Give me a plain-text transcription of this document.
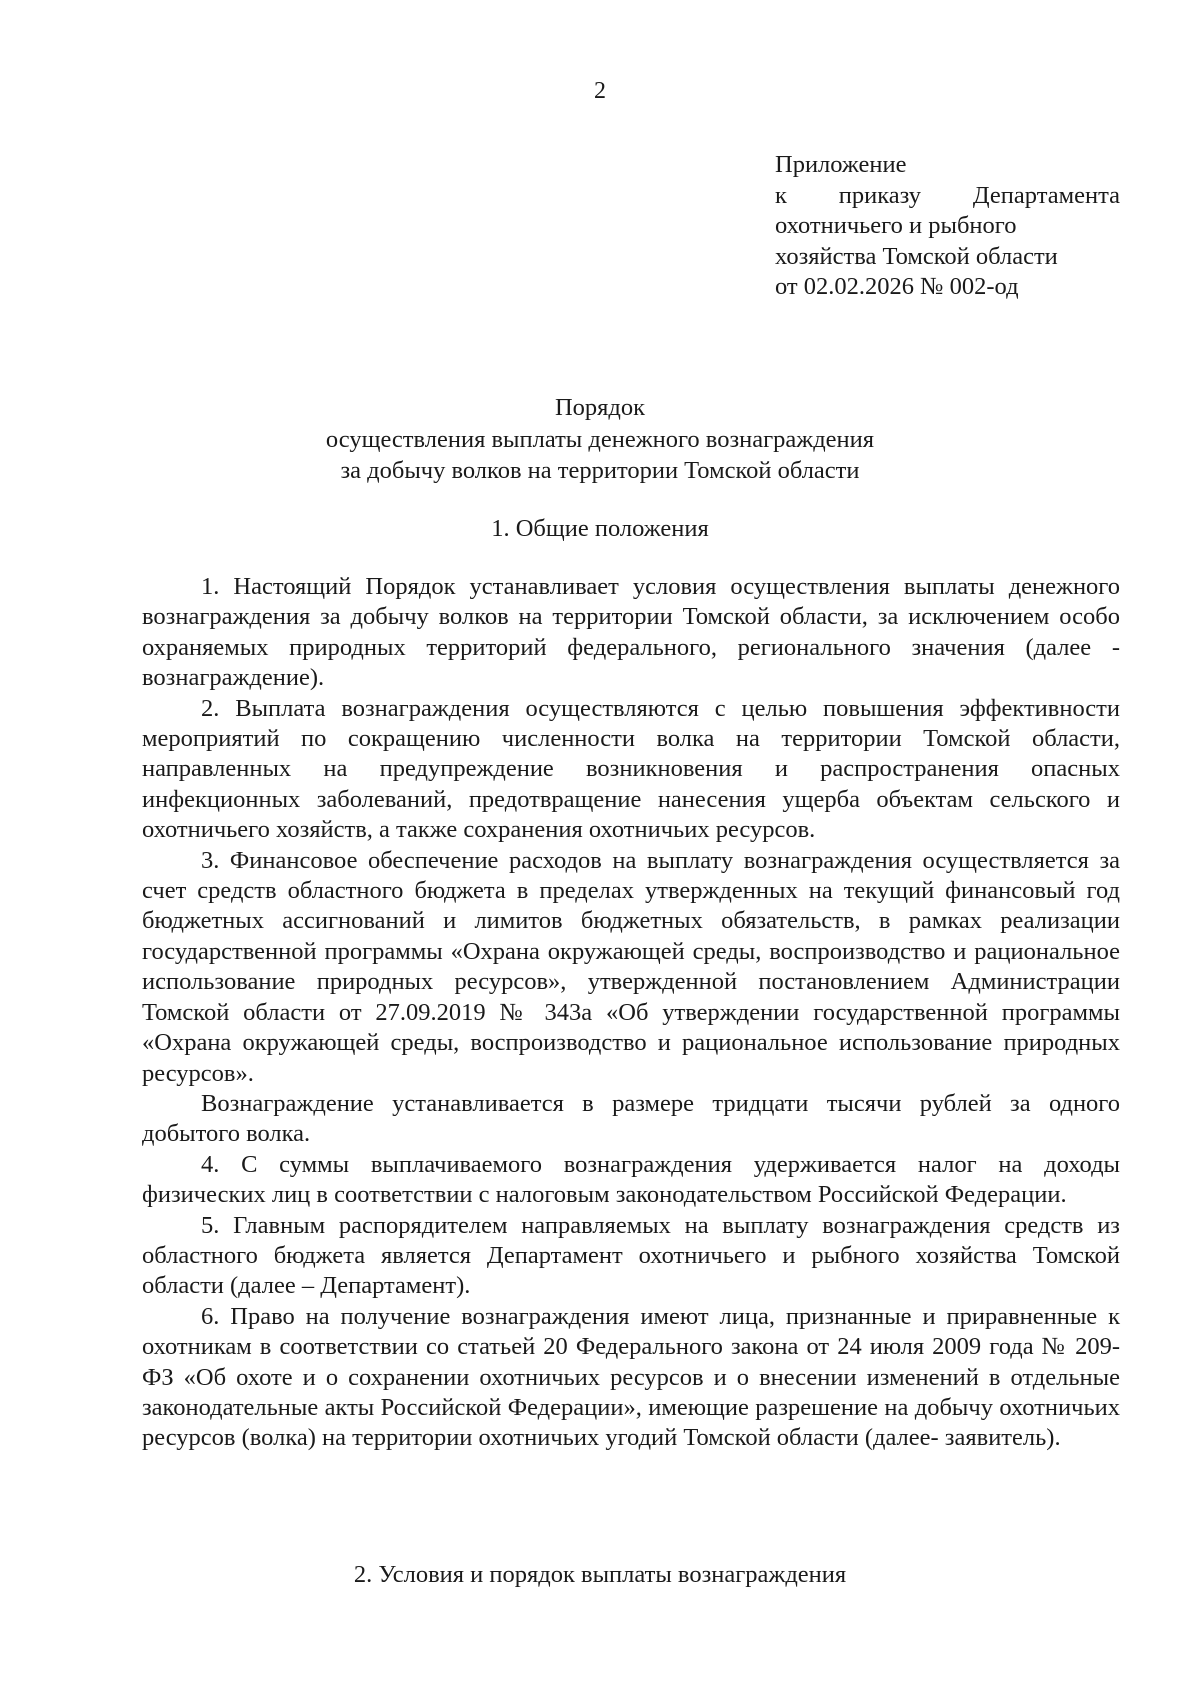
2
Приложение
к приказу Департамента
охотничьего и рыбного
хозяйства Томской области
от 02.02.2026 № 002-од
Порядок
осуществления выплаты денежного вознаграждения
за добычу волков на территории Томской области
1. Общие положения

1. Настоящий Порядок устанавливает условия осуществления выплаты денежного вознаграждения за добычу волков на территории Томской области, за исключением особо охраняемых природных территорий федерального, регионального значения (далее - вознаграждение).

2. Выплата вознаграждения осуществляются с целью повышения эффективности мероприятий по сокращению численности волка на территории Томской области, направленных на предупреждение возникновения и распространения опасных инфекционных заболеваний, предотвращение нанесения ущерба объектам сельского и охотничьего хозяйств, а также сохранения охотничьих ресурсов.

3. Финансовое обеспечение расходов на выплату вознаграждения осуществляется за счет средств областного бюджета в пределах утвержденных на текущий финансовый год бюджетных ассигнований и лимитов бюджетных обязательств, в рамках реализации государственной программы «Охрана окружающей среды, воспроизводство и рациональное использование природных ресурсов», утвержденной постановлением Администрации Томской области от 27.09.2019 № 343а «Об утверждении государственной программы «Охрана окружающей среды, воспроизводство и рациональное использование природных ресурсов».

Вознаграждение устанавливается в размере тридцати тысячи рублей за одного добытого волка.

4. С суммы выплачиваемого вознаграждения удерживается налог на доходы физических лиц в соответствии с налоговым законодательством Российской Федерации.

5. Главным распорядителем направляемых на выплату вознаграждения средств из областного бюджета является Департамент охотничьего и рыбного хозяйства Томской области (далее – Департамент).

6. Право на получение вознаграждения имеют лица, признанные и приравненные к охотникам в соответствии со статьей 20 Федерального закона от 24 июля 2009 года № 209-ФЗ «Об охоте и о сохранении охотничьих ресурсов и о внесении изменений в отдельные законодательные акты Российской Федерации», имеющие разрешение на добычу охотничьих ресурсов (волка) на территории охотничьих угодий Томской области (далее- заявитель).

2. Условия и порядок выплаты вознаграждения
